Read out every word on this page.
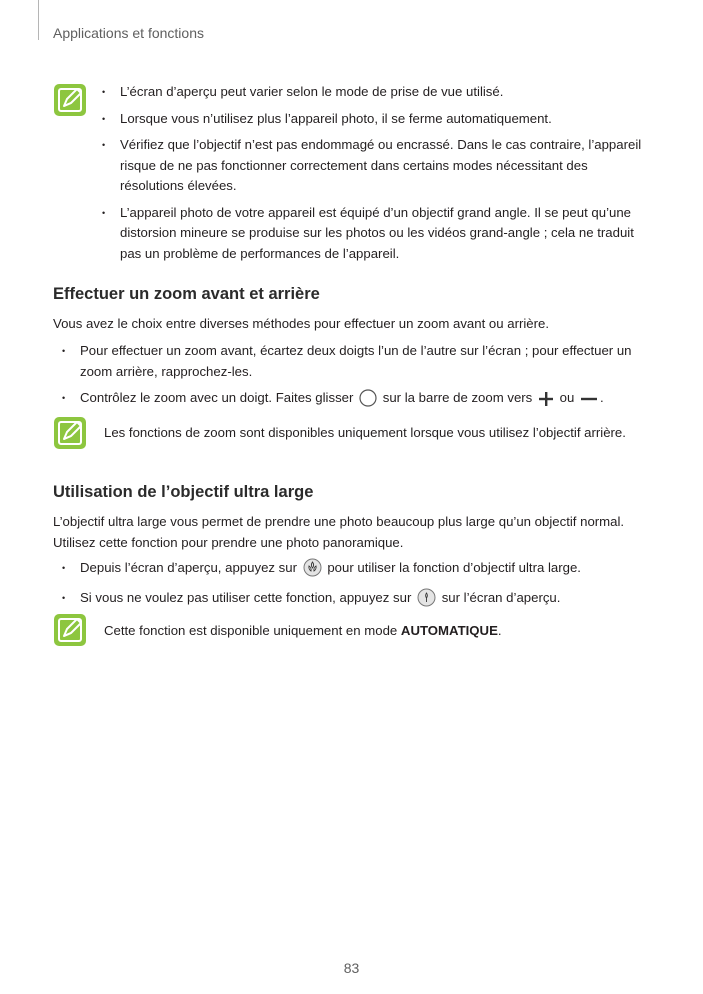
Applications et fonctions
• L’écran d’aperçu peut varier selon le mode de prise de vue utilisé.
• Lorsque vous n’utilisez plus l’appareil photo, il se ferme automatiquement.
• Vérifiez que l’objectif n’est pas endommagé ou encrassé. Dans le cas contraire, l’appareil risque de ne pas fonctionner correctement dans certains modes nécessitant des résolutions élevées.
• L’appareil photo de votre appareil est équipé d’un objectif grand angle. Il se peut qu’une distorsion mineure se produise sur les photos ou les vidéos grand-angle ; cela ne traduit pas un problème de performances de l’appareil.
Effectuer un zoom avant et arrière
Vous avez le choix entre diverses méthodes pour effectuer un zoom avant ou arrière.
• Pour effectuer un zoom avant, écartez deux doigts l’un de l’autre sur l’écran ; pour effectuer un zoom arrière, rapprochez-les.
• Contrôlez le zoom avec un doigt. Faites glisser sur la barre de zoom vers ou .
Les fonctions de zoom sont disponibles uniquement lorsque vous utilisez l’objectif arrière.
Utilisation de l’objectif ultra large
L’objectif ultra large vous permet de prendre une photo beaucoup plus large qu’un objectif normal.
Utilisez cette fonction pour prendre une photo panoramique.
• Depuis l’écran d’aperçu, appuyez sur pour utiliser la fonction d’objectif ultra large.
• Si vous ne voulez pas utiliser cette fonction, appuyez sur sur l’écran d’aperçu.
Cette fonction est disponible uniquement en mode AUTOMATIQUE.
83
